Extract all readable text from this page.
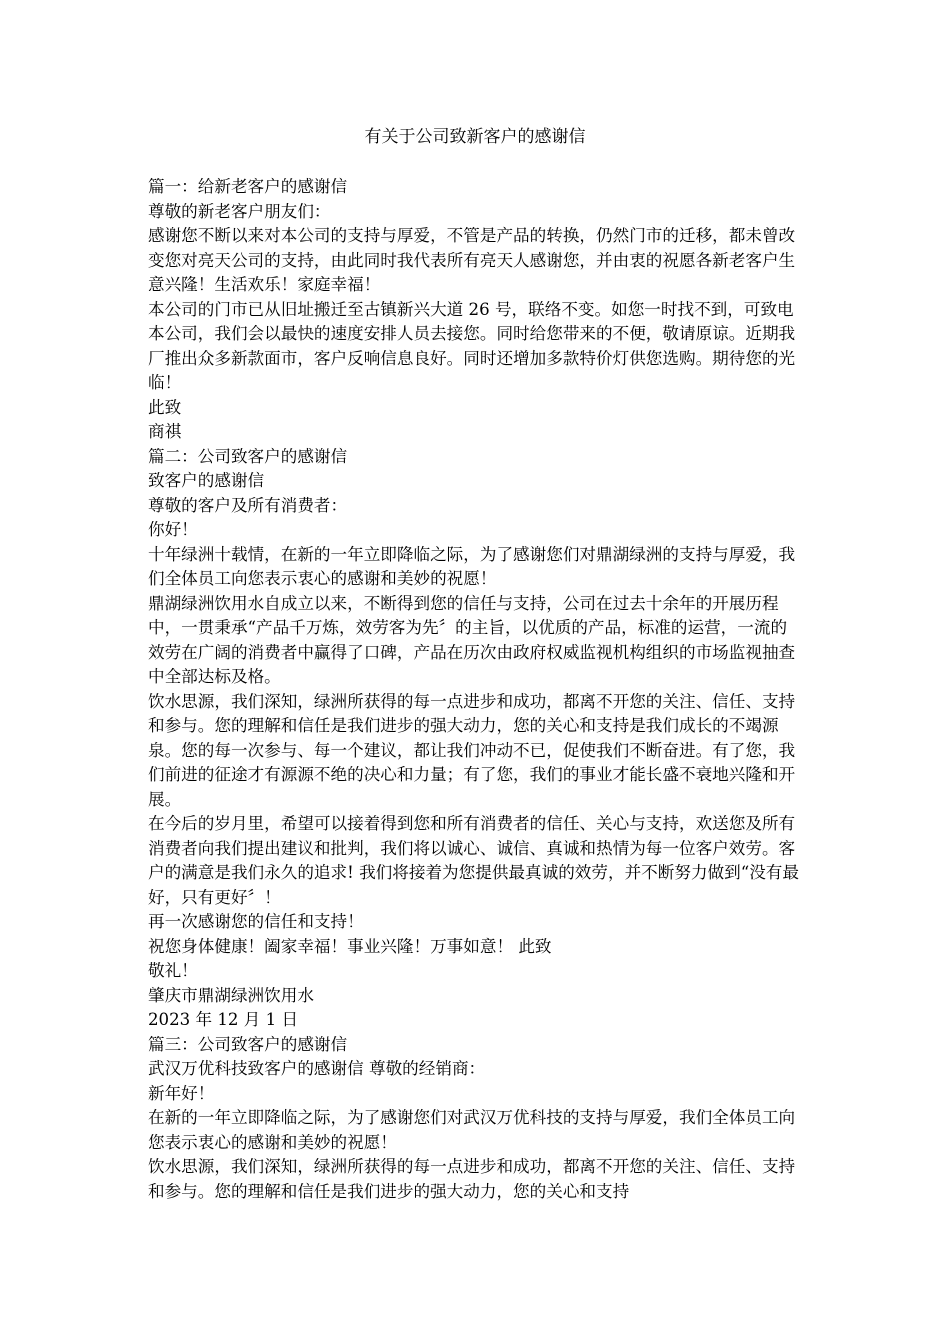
有关于公司致新客户的感谢信

篇一：给新老客户的感谢信

尊敬的新老客户朋友们：

感谢您不断以来对本公司的支持与厚爱，不管是产品的转换，仍然门市的迁移，都未曾改变您对亮天公司的支持，由此同时我代表所有亮天人感谢您，并由衷的祝愿各新老客户生意兴隆！生活欢乐！家庭幸福！

本公司的门市已从旧址搬迁至古镇新兴大道 26 号，联络不变。如您一时找不到，可致电本公司，我们会以最快的速度安排人员去接您。同时给您带来的不便，敬请原谅。近期我厂推出众多新款面市，客户反响信息良好。同时还增加多款特价灯供您选购。期待您的光临！

此致

商祺

篇二：公司致客户的感谢信

致客户的感谢信

尊敬的客户及所有消费者：

你好！

十年绿洲十载情，在新的一年立即降临之际，为了感谢您们对鼎湖绿洲的支持与厚爱，我们全体员工向您表示衷心的感谢和美妙的祝愿！

鼎湖绿洲饮用水自成立以来，不断得到您的信任与支持，公司在过去十余年的开展历程中，一贯秉承“产品千万炼，效劳客为先〞的主旨，以优质的产品，标准的运营，一流的效劳在广阔的消费者中赢得了口碑，产品在历次由政府权威监视机构组织的市场监视抽查中全部达标及格。

饮水思源，我们深知，绿洲所获得的每一点进步和成功，都离不开您的关注、信任、支持和参与。您的理解和信任是我们进步的强大动力，您的关心和支持是我们成长的不竭源泉。您的每一次参与、每一个建议，都让我们冲动不已，促使我们不断奋进。有了您，我们前进的征途才有源源不绝的决心和力量；有了您，我们的事业才能长盛不衰地兴隆和开展。

在今后的岁月里，希望可以接着得到您和所有消费者的信任、关心与支持，欢送您及所有消费者向我们提出建议和批判，我们将以诚心、诚信、真诚和热情为每一位客户效劳。客户的满意是我们永久的追求! 我们将接着为您提供最真诚的效劳，并不断努力做到“没有最好，只有更好〞！

再一次感谢您的信任和支持！

祝您身体健康！阖家幸福！事业兴隆！万事如意！ 此致

敬礼！

肇庆市鼎湖绿洲饮用水

2023 年 12 月 1 日

篇三：公司致客户的感谢信

武汉万优科技致客户的感谢信 尊敬的经销商：

新年好！

在新的一年立即降临之际，为了感谢您们对武汉万优科技的支持与厚爱，我们全体员工向您表示衷心的感谢和美妙的祝愿！

饮水思源，我们深知，绿洲所获得的每一点进步和成功，都离不开您的关注、信任、支持和参与。您的理解和信任是我们进步的强大动力，您的关心和支持
